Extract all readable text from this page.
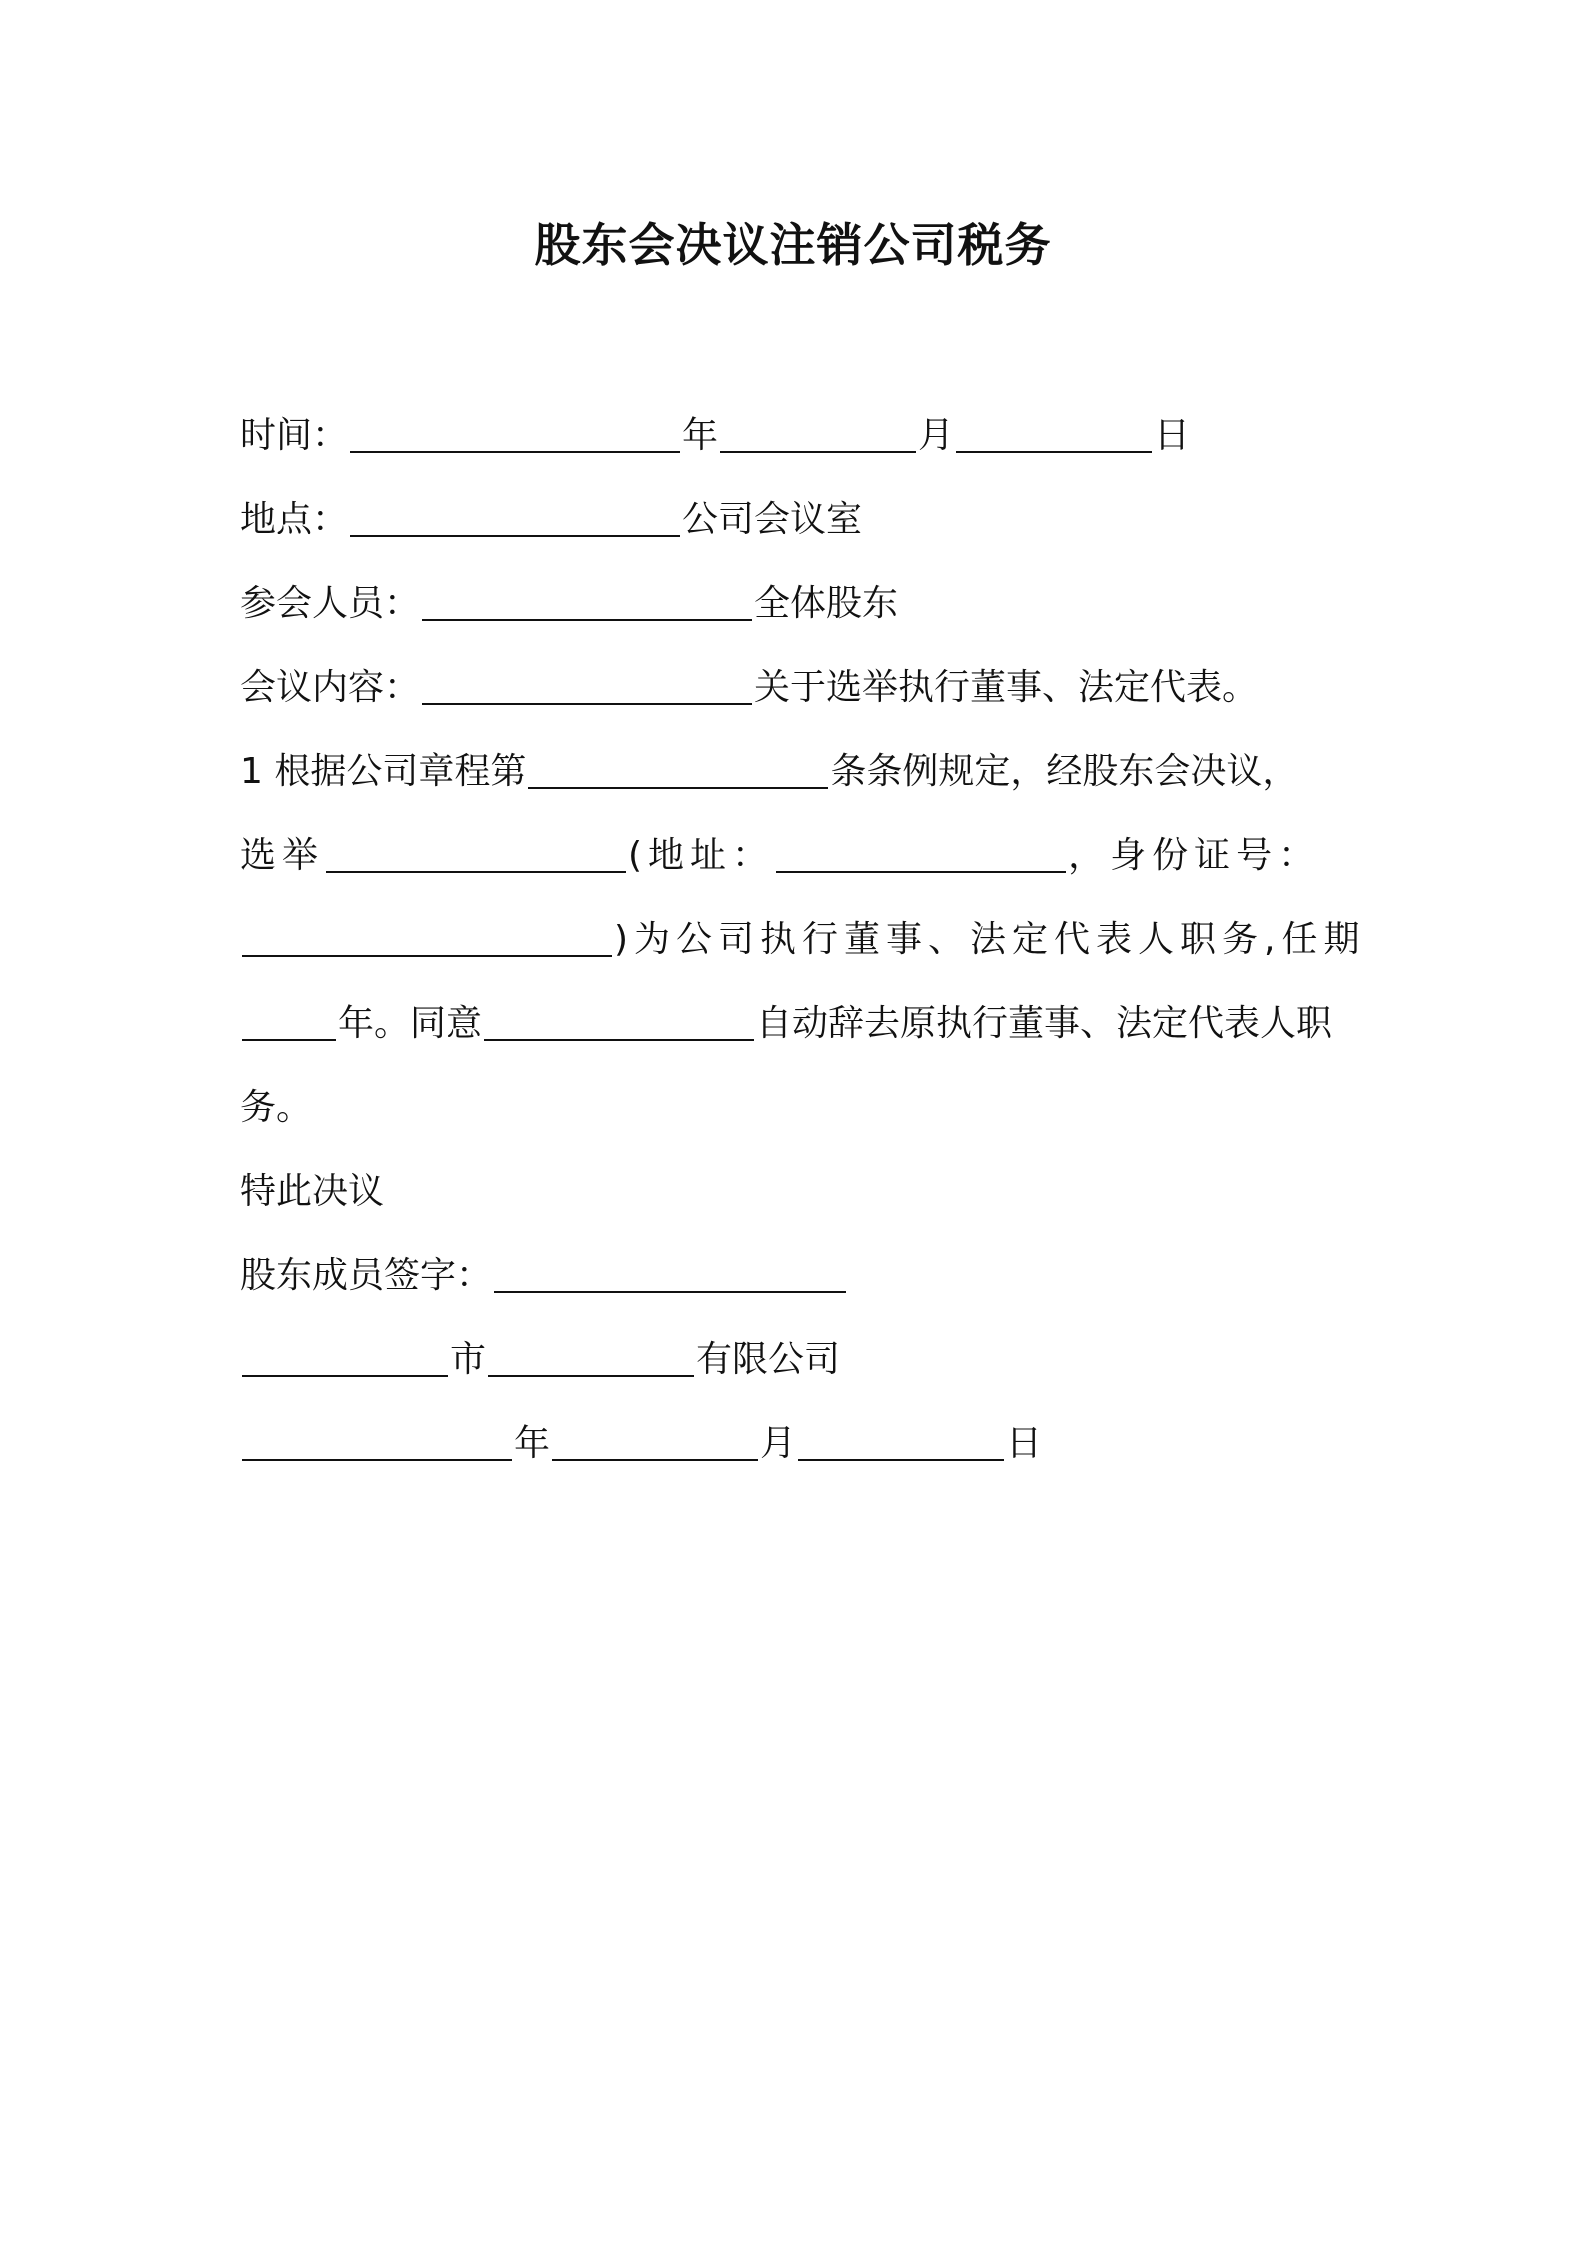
股东会决议注销公司税务
时间：	年	月	日
地点：	公司会议室
参会人员：	全体股东
会议内容：	关于选举执行董事、法定代表。
1 根据公司章程第	条条例规定，经股东会决议，
选举	(地址：	，身份证号：
)为公司执行董事、法定代表人职务,任期
年。同意	自动辞去原执行董事、法定代表人职
务。
特此决议
股东成员签字：
市	有限公司
年	月	日
